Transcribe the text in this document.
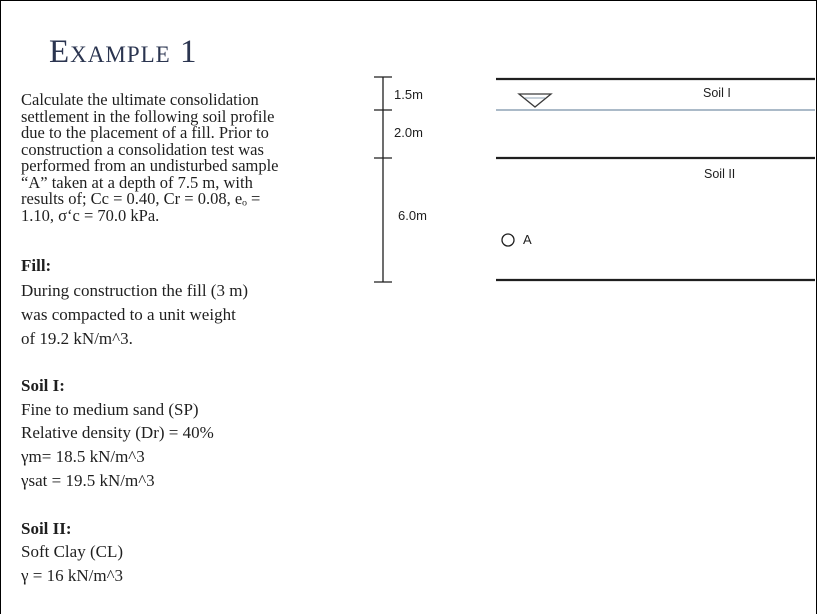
Example 1
Calculate the ultimate consolidation
settlement in the following soil profile
due to the placement of a fill. Prior to
construction a consolidation test was
performed from an undisturbed sample
“A” taken at a depth of 7.5 m, with
results of; Cc = 0.40, Cr = 0.08, eₒ =
1.10, σ‘c = 70.0 kPa.
Fill:
During construction the fill (3 m)
was compacted to a unit weight
of 19.2 kN/m^3.
Soil I:
Fine to medium sand (SP)
Relative density (Dr) = 40%
γm= 18.5 kN/m^3
γsat = 19.5 kN/m^3
Soil II:
Soft Clay (CL)
γ = 16 kN/m^3
1.5m
2.0m
6.0m
Soil I
Soil II
A
